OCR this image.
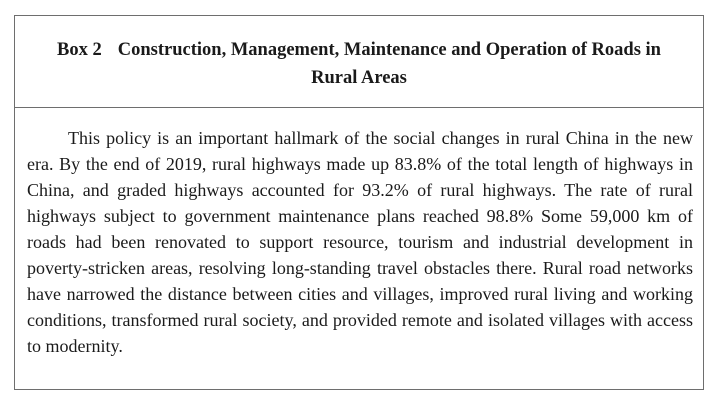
Box 2 Construction, Management, Maintenance and Operation of Roads in
Rural Areas
This policy is an important hallmark of the social changes in rural China in the new era. By the end of 2019, rural highways made up 83.8% of the total length of highways in China, and graded highways accounted for 93.2% of rural highways. The rate of rural highways subject to government maintenance plans reached 98.8% Some 59,000 km of roads had been renovated to support resource, tourism and industrial development in poverty-stricken areas, resolving long-standing travel obstacles there. Rural road networks have narrowed the distance between cities and villages, improved rural living and working conditions, transformed rural society, and provided remote and isolated villages with access to modernity.
